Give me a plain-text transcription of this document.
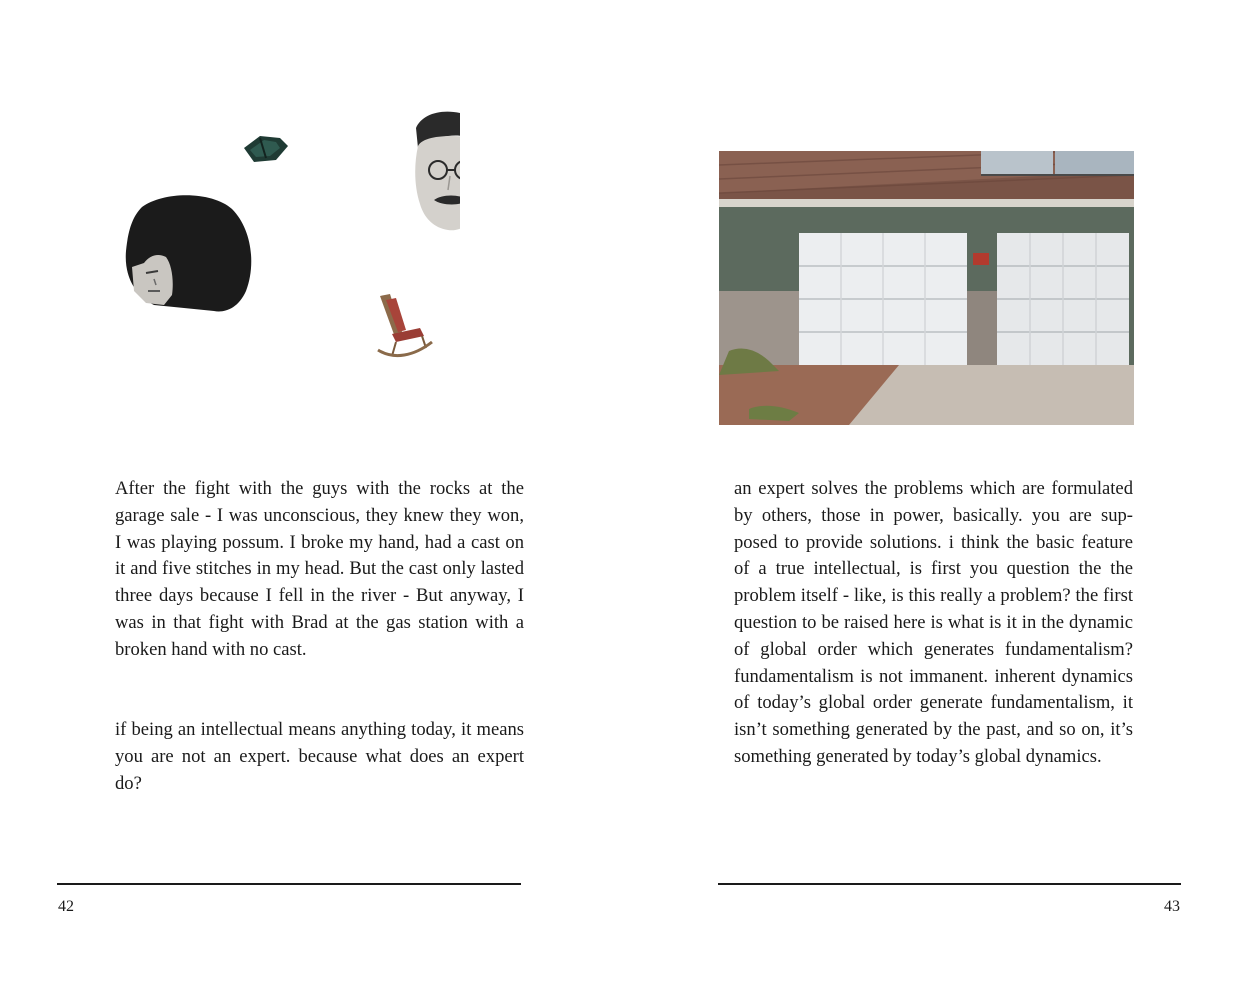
After the fight with the guys with the rocks at the garage sale - I was unconscious, they knew they won, I was playing possum. I broke my hand, had a cast on it and five stitches in my head. But the cast only lasted three days because I fell in the river - But anyway, I was in that fight with Brad at the gas station with a broken hand with no cast.

if being an intellectual means anything today, it means you are not an expert. because what does an expert do?

42

an expert solves the problems which are formulated by others, those in power, basically. you are supposed to provide solutions. i think the basic feature of a true intellectual, is first you question the the problem itself - like, is this really a problem? the first question to be raised here is what is it in the dynamic of global order which generates fundamentalism? fundamentalism is not immanent. inherent dynamics of today’s global order generate fundamentalism, it isn’t something generated by the past, and so on, it’s something generated by today’s global dynamics.

43
